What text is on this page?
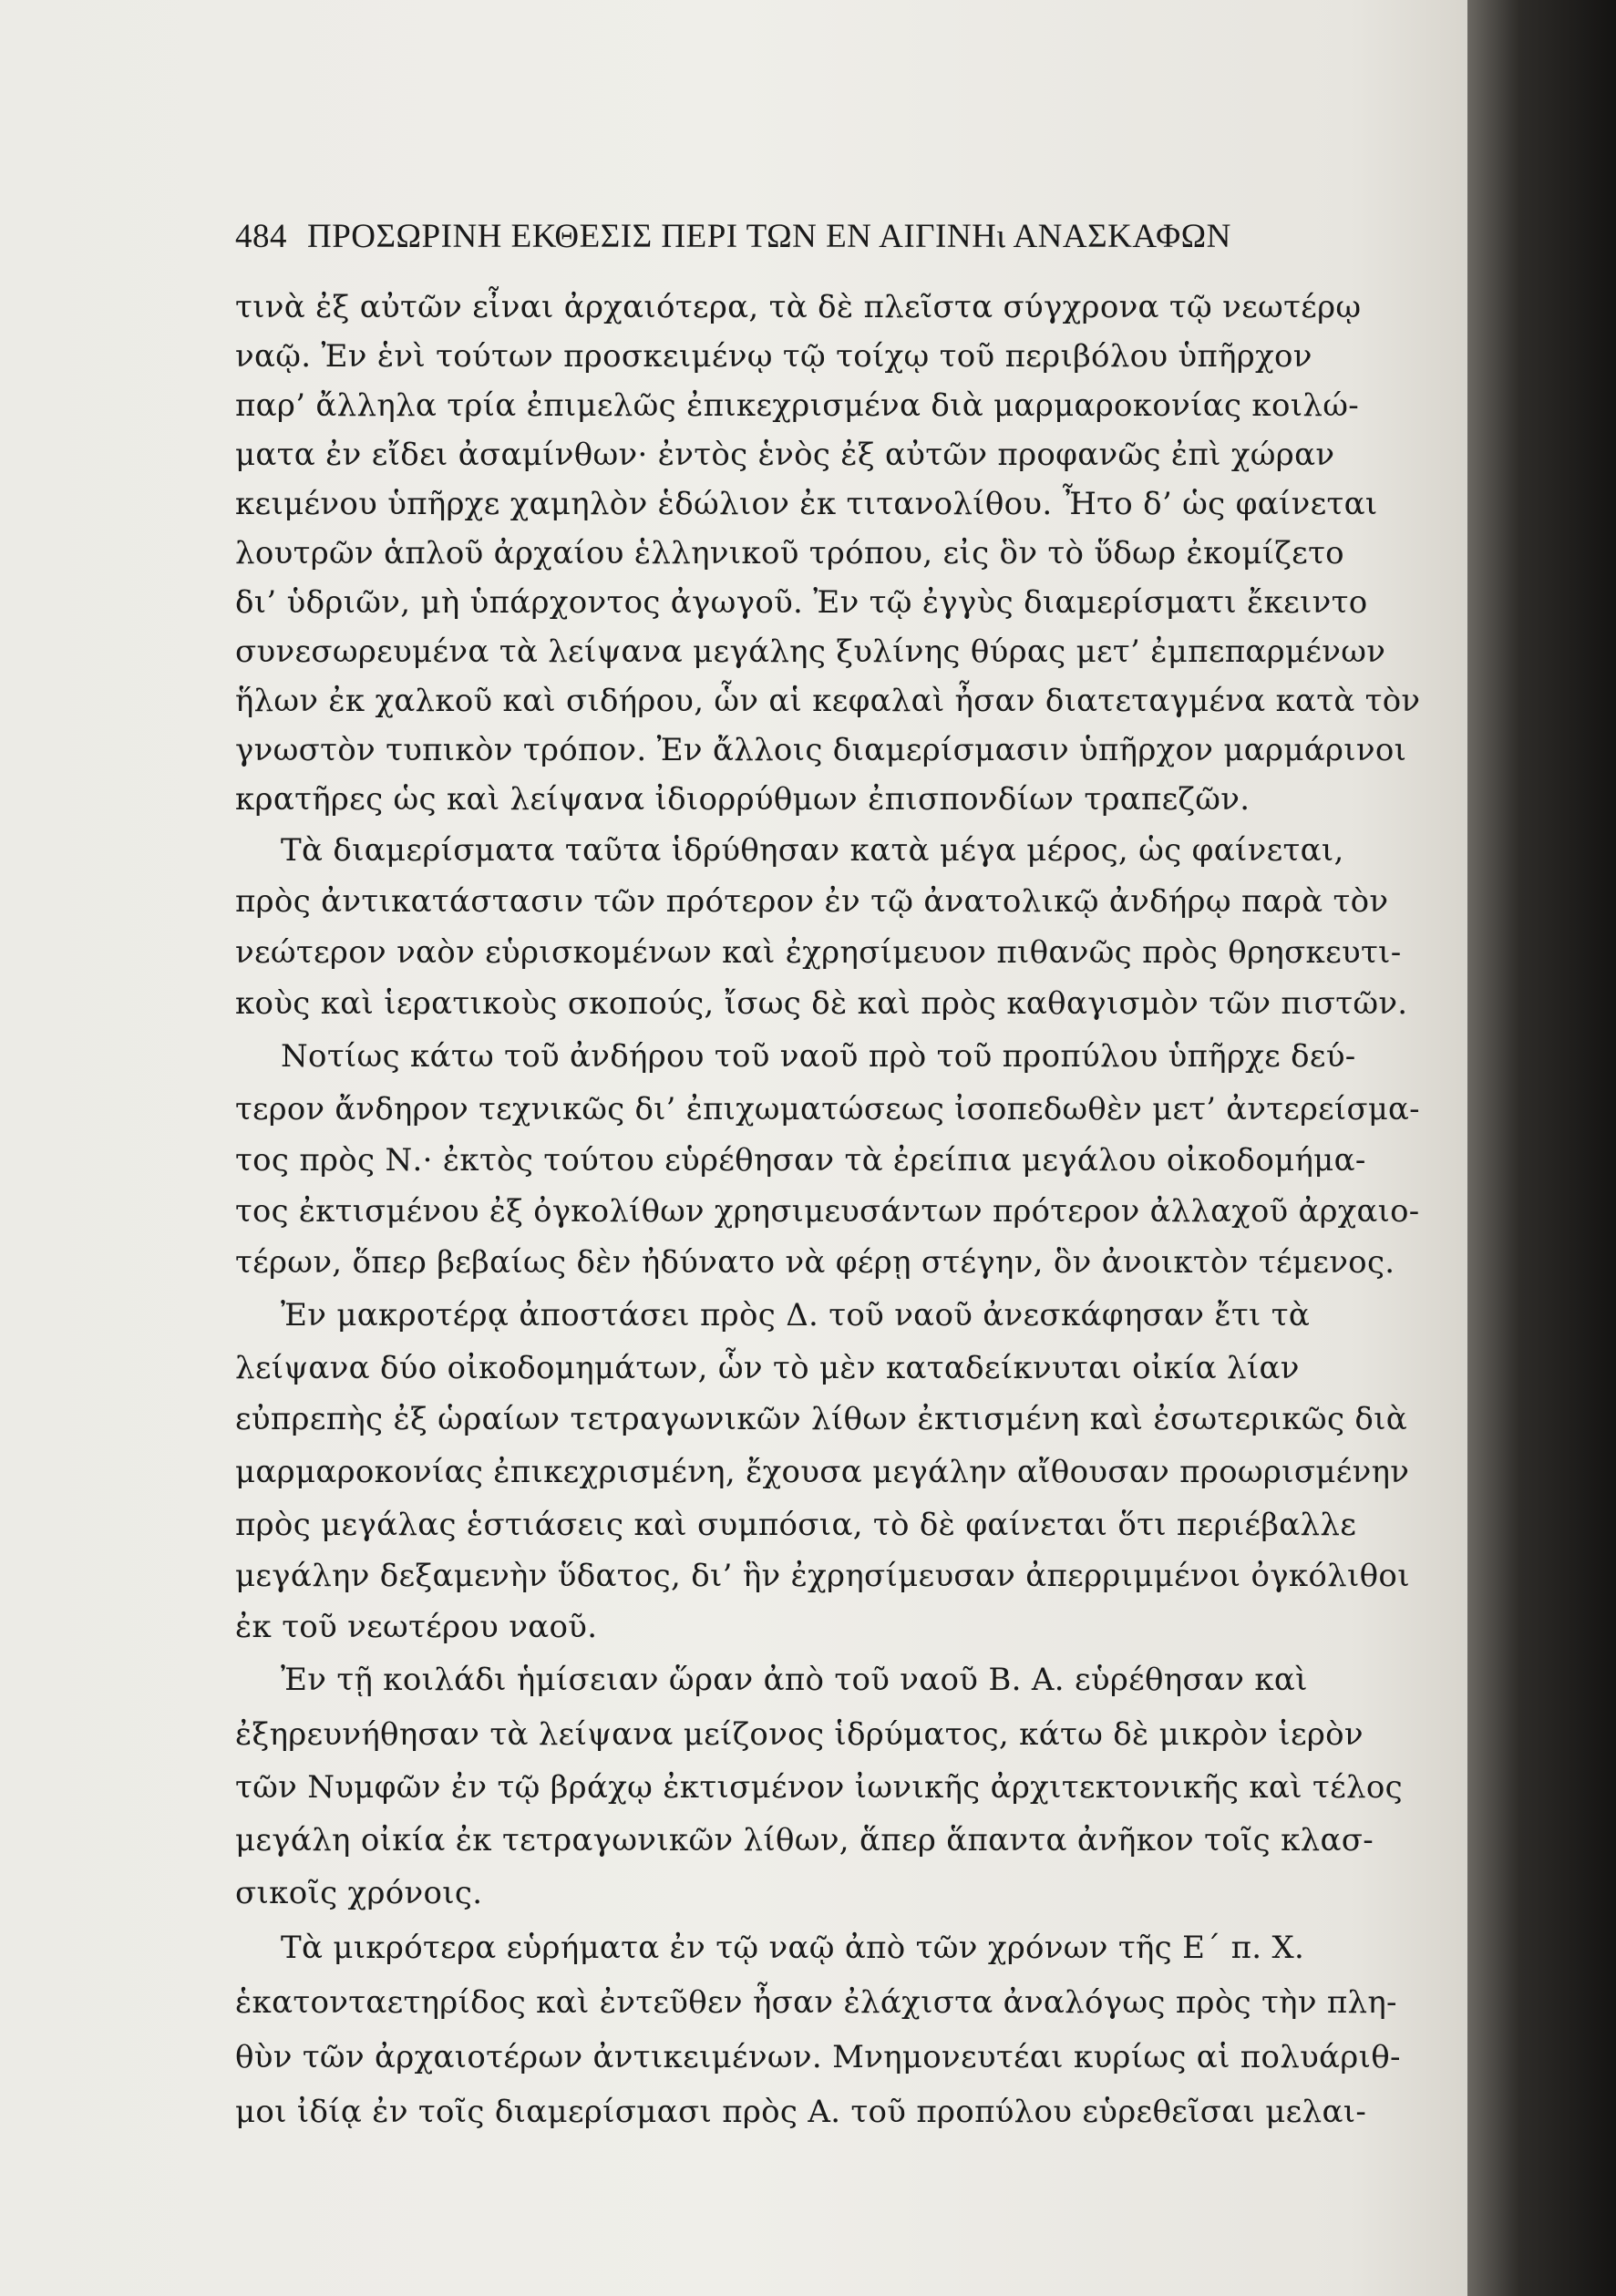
484 ΠΡΟΣΩΡΙΝΗ ΕΚΘΕΣΙΣ ΠΕΡΙ ΤΩΝ ΕΝ ΑΙΓΙΝΗι ΑΝΑΣΚΑΦΩΝ
τινὰ ἐξ αὐτῶν εἶναι ἀρχαιότερα, τὰ δὲ πλεῖστα σύγχρονα τῷ νεωτέρῳ
ναῷ. Ἐν ἑνὶ τούτων προσκειμένῳ τῷ τοίχῳ τοῦ περιβόλου ὑπῆρχον
παρ’ ἄλληλα τρία ἐπιμελῶς ἐπικεχρισμένα διὰ μαρμαροκονίας κοιλώ-
ματα ἐν εἴδει ἀσαμίνθων· ἐντὸς ἑνὸς ἐξ αὐτῶν προφανῶς ἐπὶ χώραν
κειμένου ὑπῆρχε χαμηλὸν ἑδώλιον ἐκ τιτανολίθου. Ἦτο δ’ ὡς φαίνεται
λουτρῶν ἁπλοῦ ἀρχαίου ἑλληνικοῦ τρόπου, εἰς ὃν τὸ ὕδωρ ἐκομίζετο
δι’ ὑδριῶν, μὴ ὑπάρχοντος ἀγωγοῦ. Ἐν τῷ ἐγγὺς διαμερίσματι ἔκειντο
συνεσωρευμένα τὰ λείψανα μεγάλης ξυλίνης θύρας μετ’ ἐμπεπαρμένων
ἥλων ἐκ χαλκοῦ καὶ σιδήρου, ὧν αἱ κεφαλαὶ ἦσαν διατεταγμένα κατὰ τὸν
γνωστὸν τυπικὸν τρόπον. Ἐν ἄλλοις διαμερίσμασιν ὑπῆρχον μαρμάρινοι
κρατῆρες ὡς καὶ λείψανα ἰδιορρύθμων ἐπισπονδίων τραπεζῶν.
Τὰ διαμερίσματα ταῦτα ἱδρύθησαν κατὰ μέγα μέρος, ὡς φαίνεται,
πρὸς ἀντικατάστασιν τῶν πρότερον ἐν τῷ ἀνατολικῷ ἀνδήρῳ παρὰ τὸν
νεώτερον ναὸν εὑρισκομένων καὶ ἐχρησίμευον πιθανῶς πρὸς θρησκευτι-
κοὺς καὶ ἱερατικοὺς σκοπούς, ἴσως δὲ καὶ πρὸς καθαγισμὸν τῶν πιστῶν.
Νοτίως κάτω τοῦ ἀνδήρου τοῦ ναοῦ πρὸ τοῦ προπύλου ὑπῆρχε δεύ-
τερον ἄνδηρον τεχνικῶς δι’ ἐπιχωματώσεως ἰσοπεδωθὲν μετ’ ἀντερείσμα-
τος πρὸς Ν.· ἐκτὸς τούτου εὑρέθησαν τὰ ἐρείπια μεγάλου οἰκοδομήμα-
τος ἐκτισμένου ἐξ ὀγκολίθων χρησιμευσάντων πρότερον ἀλλαχοῦ ἀρχαιο-
τέρων, ὅπερ βεβαίως δὲν ἠδύνατο νὰ φέρῃ στέγην, ὃν ἀνοικτὸν τέμενος.
Ἐν μακροτέρᾳ ἀποστάσει πρὸς Δ. τοῦ ναοῦ ἀνεσκάφησαν ἔτι τὰ
λείψανα δύο οἰκοδομημάτων, ὧν τὸ μὲν καταδείκνυται οἰκία λίαν
εὐπρεπὴς ἐξ ὡραίων τετραγωνικῶν λίθων ἐκτισμένη καὶ ἐσωτερικῶς διὰ
μαρμαροκονίας ἐπικεχρισμένη, ἔχουσα μεγάλην αἴθουσαν προωρισμένην
πρὸς μεγάλας ἑστιάσεις καὶ συμπόσια, τὸ δὲ φαίνεται ὅτι περιέβαλλε
μεγάλην δεξαμενὴν ὕδατος, δι’ ἣν ἐχρησίμευσαν ἀπερριμμένοι ὀγκόλιθοι
ἐκ τοῦ νεωτέρου ναοῦ.
Ἐν τῇ κοιλάδι ἡμίσειαν ὥραν ἀπὸ τοῦ ναοῦ Β. Α. εὑρέθησαν καὶ
ἐξηρευνήθησαν τὰ λείψανα μείζονος ἱδρύματος, κάτω δὲ μικρὸν ἱερὸν
τῶν Νυμφῶν ἐν τῷ βράχῳ ἐκτισμένον ἰωνικῆς ἀρχιτεκτονικῆς καὶ τέλος
μεγάλη οἰκία ἐκ τετραγωνικῶν λίθων, ἅπερ ἅπαντα ἀνῆκον τοῖς κλασ-
σικοῖς χρόνοις.
Τὰ μικρότερα εὑρήματα ἐν τῷ ναῷ ἀπὸ τῶν χρόνων τῆς Ε΄ π. Χ.
ἑκατονταετηρίδος καὶ ἐντεῦθεν ἦσαν ἐλάχιστα ἀναλόγως πρὸς τὴν πλη-
θὺν τῶν ἀρχαιοτέρων ἀντικειμένων. Μνημονευτέαι κυρίως αἱ πολυάριθ-
μοι ἰδίᾳ ἐν τοῖς διαμερίσμασι πρὸς Α. τοῦ προπύλου εὑρεθεῖσαι μελαι-
